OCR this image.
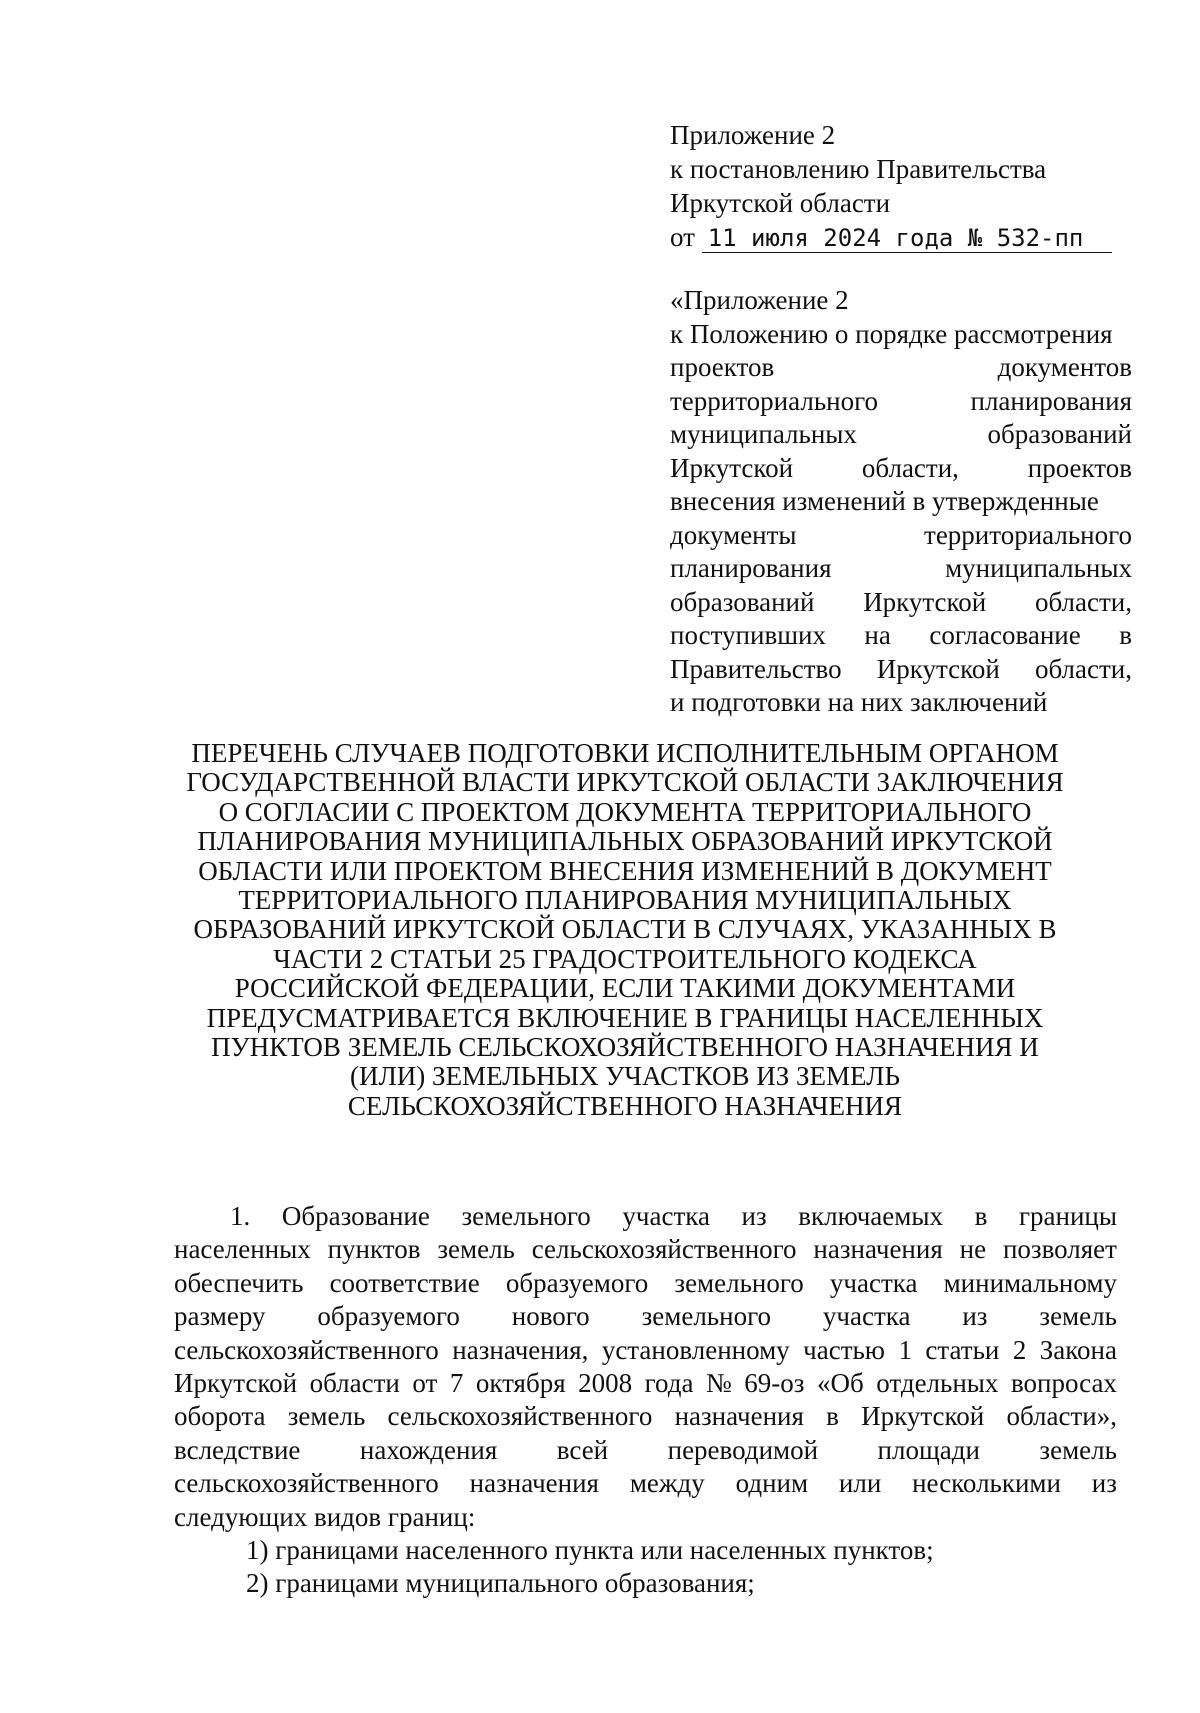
Приложение 2
к постановлению Правительства
Иркутской области
от 11 июля 2024 года № 532-пп
«Приложение 2
к Положению о порядке рассмотрения
проектов	документов
территориального	планирования
муниципальных	образований
Иркутской	области,	проектов
внесения изменений в утвержденные
документы	территориального
планирования	муниципальных
образований Иркутской области,
поступивших на согласование в
Правительство Иркутской области,
и подготовки на них заключений
ПЕРЕЧЕНЬ СЛУЧАЕВ ПОДГОТОВКИ ИСПОЛНИТЕЛЬНЫМ ОРГАНОМ
ГОСУДАРСТВЕННОЙ ВЛАСТИ ИРКУТСКОЙ ОБЛАСТИ ЗАКЛЮЧЕНИЯ
О СОГЛАСИИ С ПРОЕКТОМ ДОКУМЕНТА ТЕРРИТОРИАЛЬНОГО
ПЛАНИРОВАНИЯ МУНИЦИПАЛЬНЫХ ОБРАЗОВАНИЙ ИРКУТСКОЙ
ОБЛАСТИ ИЛИ ПРОЕКТОМ ВНЕСЕНИЯ ИЗМЕНЕНИЙ В ДОКУМЕНТ
ТЕРРИТОРИАЛЬНОГО ПЛАНИРОВАНИЯ МУНИЦИПАЛЬНЫХ
ОБРАЗОВАНИЙ ИРКУТСКОЙ ОБЛАСТИ В СЛУЧАЯХ, УКАЗАННЫХ В
ЧАСТИ 2 СТАТЬИ 25 ГРАДОСТРОИТЕЛЬНОГО КОДЕКСА
РОССИЙСКОЙ ФЕДЕРАЦИИ, ЕСЛИ ТАКИМИ ДОКУМЕНТАМИ
ПРЕДУСМАТРИВАЕТСЯ ВКЛЮЧЕНИЕ В ГРАНИЦЫ НАСЕЛЕННЫХ
ПУНКТОВ ЗЕМЕЛЬ СЕЛЬСКОХОЗЯЙСТВЕННОГО НАЗНАЧЕНИЯ И
(ИЛИ) ЗЕМЕЛЬНЫХ УЧАСТКОВ ИЗ ЗЕМЕЛЬ
СЕЛЬСКОХОЗЯЙСТВЕННОГО НАЗНАЧЕНИЯ
1. Образование земельного участка из включаемых в границы
населенных пунктов земель сельскохозяйственного назначения не позволяет
обеспечить соответствие образуемого земельного участка минимальному
размеру образуемого нового земельного участка из земель
сельскохозяйственного назначения, установленному частью 1 статьи 2 Закона
Иркутской области от 7 октября 2008 года № 69-оз «Об отдельных вопросах
оборота земель сельскохозяйственного назначения в Иркутской области»,
вследствие нахождения всей переводимой площади земель
сельскохозяйственного назначения между одним или несколькими из
следующих видов границ:
1) границами населенного пункта или населенных пунктов;
2) границами муниципального образования;
